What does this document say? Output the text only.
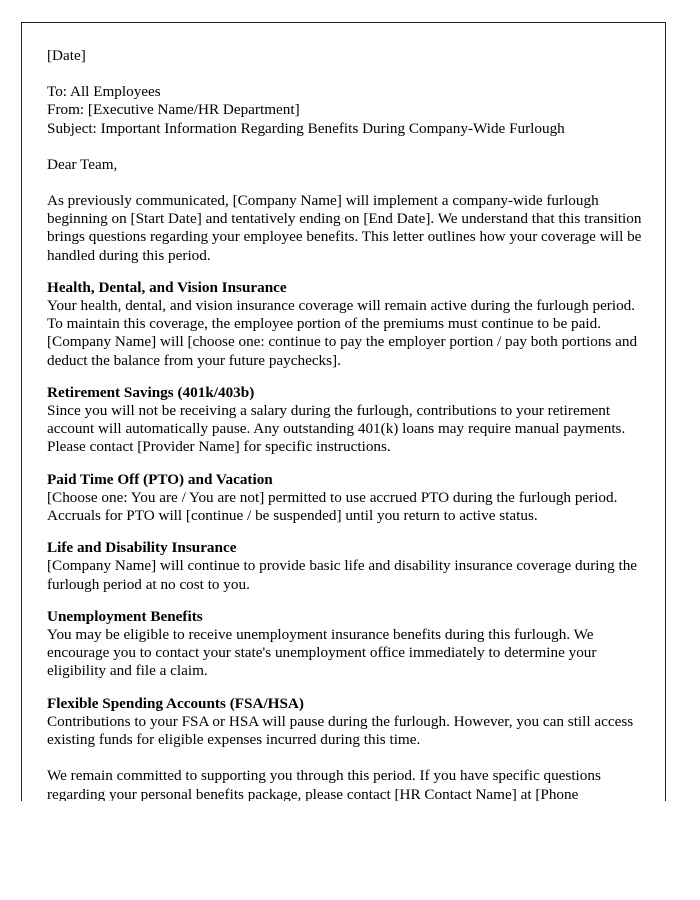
[Date]
To: All Employees
From: [Executive Name/HR Department]
Subject: Important Information Regarding Benefits During Company-Wide Furlough
Dear Team,
As previously communicated, [Company Name] will implement a company-wide furlough beginning on [Start Date] and tentatively ending on [End Date]. We understand that this transition brings questions regarding your employee benefits. This letter outlines how your coverage will be handled during this period.
Health, Dental, and Vision Insurance
Your health, dental, and vision insurance coverage will remain active during the furlough period. To maintain this coverage, the employee portion of the premiums must continue to be paid. [Company Name] will [choose one: continue to pay the employer portion / pay both portions and deduct the balance from your future paychecks].
Retirement Savings (401k/403b)
Since you will not be receiving a salary during the furlough, contributions to your retirement account will automatically pause. Any outstanding 401(k) loans may require manual payments. Please contact [Provider Name] for specific instructions.
Paid Time Off (PTO) and Vacation
[Choose one: You are / You are not] permitted to use accrued PTO during the furlough period. Accruals for PTO will [continue / be suspended] until you return to active status.
Life and Disability Insurance
[Company Name] will continue to provide basic life and disability insurance coverage during the furlough period at no cost to you.
Unemployment Benefits
You may be eligible to receive unemployment insurance benefits during this furlough. We encourage you to contact your state's unemployment office immediately to determine your eligibility and file a claim.
Flexible Spending Accounts (FSA/HSA)
Contributions to your FSA or HSA will pause during the furlough. However, you can still access existing funds for eligible expenses incurred during this time.
We remain committed to supporting you through this period. If you have specific questions regarding your personal benefits package, please contact [HR Contact Name] at [Phone
